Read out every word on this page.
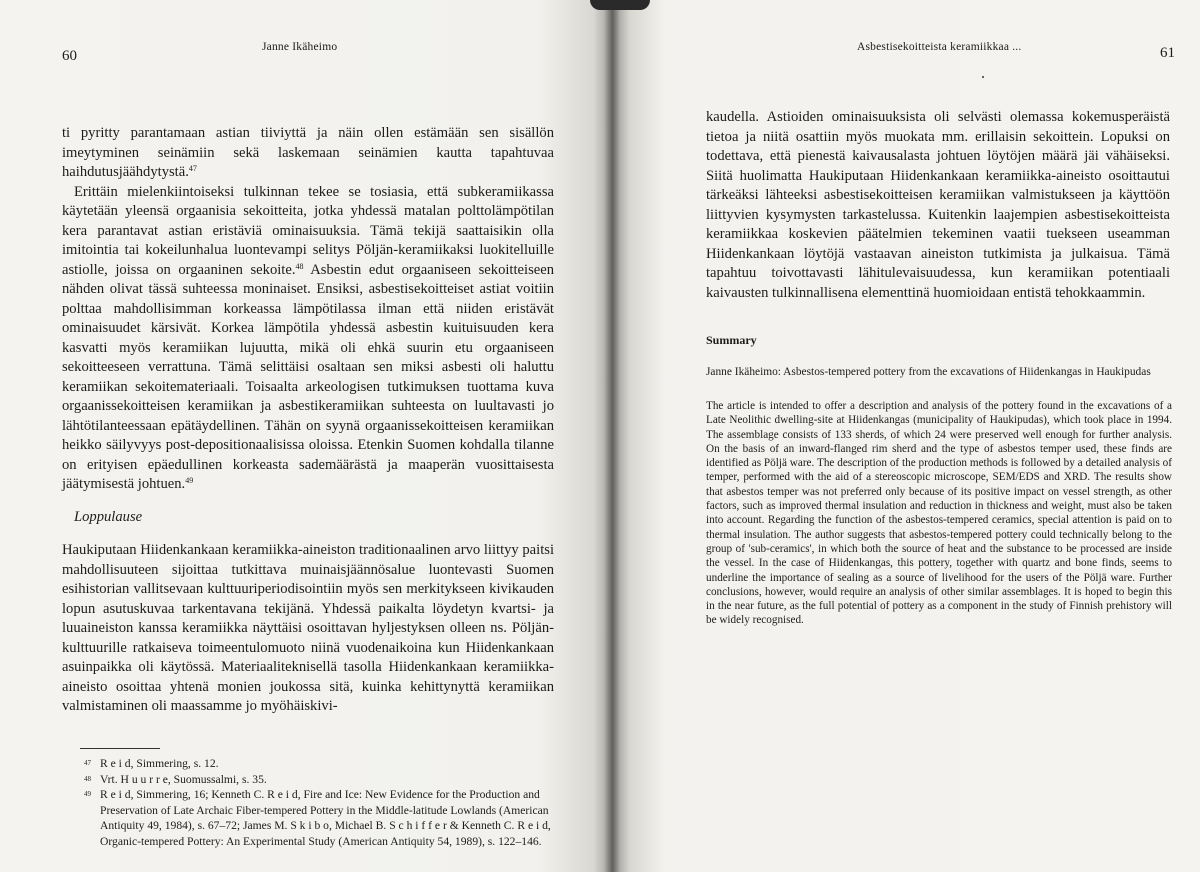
60
Janne Ikäheimo

ti pyritty parantamaan astian tiiviyttä ja näin ollen estämään sen sisällön imeytyminen seinämiin sekä laskemaan seinämien kautta tapahtuvaa haihdutusjäähdytystä.$^{47}$

Erittäin mielenkiintoiseksi tulkinnan tekee se tosiasia, että subkeramiikassa käytetään yleensä orgaanisia sekoitteita, jotka yhdessä matalan polttolämpötilan kera parantavat astian eristäviä ominaisuuksia. Tämä tekijä saattaisikin olla imitointia tai kokeilunhalua luontevampi selitys Pöljän-keramiikaksi luokitelluille astiolle, joissa on orgaaninen sekoite.$^{48}$ Asbestin edut orgaaniseen sekoitteiseen nähden olivat tässä suhteessa moninaiset. Ensiksi, asbestisekoitteiset astiat voitiin polttaa mahdollisimman korkeassa lämpötilassa ilman että niiden eristävät ominaisuudet kärsivät. Korkea lämpötila yhdessä asbestin kuituisuuden kera kasvatti myös keramiikan lujuutta, mikä oli ehkä suurin etu orgaaniseen sekoitteeseen verrattuna. Tämä selittäisi osaltaan sen miksi asbesti oli haluttu keramiikan sekoitemateriaali. Toisaalta arkeologisen tutkimuksen tuottama kuva orgaanissekoitteisen keramiikan ja asbestikeramiikan suhteesta on luultavasti jo lähtötilanteessaan epätäydellinen. Tähän on syynä orgaanissekoitteisen keramiikan heikko säilyvyys post-depositionaalisissa oloissa. Etenkin Suomen kohdalla tilanne on erityisen epäedullinen korkeasta sademäärästä ja maaperän vuosittaisesta jäätymisestä johtuen.$^{49}$

Loppulause

Haukiputaan Hiidenkankaan keramiikka-aineiston traditionaalinen arvo liittyy paitsi mahdollisuuteen sijoittaa tutkittava muinaisjäännösalue luontevasti Suomen esihistorian vallitsevaan kulttuuriperiodisointiin myös sen merkitykseen kivikauden lopun asutuskuvaa tarkentavana tekijänä. Yhdessä paikalta löydetyn kvartsi- ja luuaineiston kanssa keramiikka näyttäisi osoittavan hyljestyksen olleen ns. Pöljän-kulttuurille ratkaiseva toimeentulomuoto niinä vuodenaikoina kun Hiidenkankaan asuinpaikka oli käytössä. Materiaaliteknisellä tasolla Hiidenkankaan keramiikka-aineisto osoittaa yhtenä monien joukossa sitä, kuinka kehittynyttä keramiikan valmistaminen oli maassamme jo myöhäiskivi-

47 R e i d, Simmering, s. 12.

48 Vrt. H u u r r e, Suomussalmi, s. 35.

49 R e i d, Simmering, 16; Kenneth C. R e i d, Fire and Ice: New Evidence for the Production and Preservation of Late Archaic Fiber-tempered Pottery in the Middle-latitude Lowlands (American Antiquity 49, 1984), s. 67–72; James M. S k i b o, Michael B. S c h i f f e r & Kenneth C. R e i d, Organic-tempered Pottery: An Experimental Study (American Antiquity 54, 1989), s. 122–146.

Asbestisekoitteista keramiikkaa ...	61

kaudella. Astioiden ominaisuuksista oli selvästi olemassa kokemusperäistä tietoa ja niitä osattiin myös muokata mm. erillaisin sekoittein. Lopuksi on todettava, että pienestä kaivausalasta johtuen löytöjen määrä jäi vähäiseksi. Siitä huolimatta Haukiputaan Hiidenkankaan keramiikka-aineisto osoittautui tärkeäksi lähteeksi asbestisekoitteisen keramiikan valmistukseen ja käyttöön liittyvien kysymysten tarkastelussa. Kuitenkin laajempien asbestisekoitteista keramiikkaa koskevien päätelmien tekeminen vaatii tuekseen useamman Hiidenkankaan löytöjä vastaavan aineiston tutkimista ja julkaisua. Tämä tapahtuu toivottavasti lähitulevaisuudessa, kun keramiikan potentiaali kaivausten tulkinnallisena elementtinä huomioidaan entistä tehokkaammin.

Summary
Janne Ikäheimo: Asbestos-tempered pottery from the excavations of Hiidenkangas in Haukipudas

The article is intended to offer a description and analysis of the pottery found in the excavations of a Late Neolithic dwelling-site at Hiidenkangas (municipality of Haukipudas), which took place in 1994. The assemblage consists of 133 sherds, of which 24 were preserved well enough for further analysis. On the basis of an inward-flanged rim sherd and the type of asbestos temper used, these finds are identified as Pöljä ware. The description of the production methods is followed by a detailed analysis of temper, performed with the aid of a stereoscopic microscope, SEM/EDS and XRD. The results show that asbestos temper was not preferred only because of its positive impact on vessel strength, as other factors, such as improved thermal insulation and reduction in thickness and weight, must also be taken into account. Regarding the function of the asbestos-tempered ceramics, special attention is paid on to thermal insulation. The author suggests that asbestos-tempered pottery could technically belong to the group of 'sub-ceramics', in which both the source of heat and the substance to be processed are inside the vessel. In the case of Hiidenkangas, this pottery, together with quartz and bone finds, seems to underline the importance of sealing as a source of livelihood for the users of the Pöljä ware. Further conclusions, however, would require an analysis of other similar assemblages. It is hoped to begin this in the near future, as the full potential of pottery as a component in the study of Finnish prehistory will be widely recognised.
